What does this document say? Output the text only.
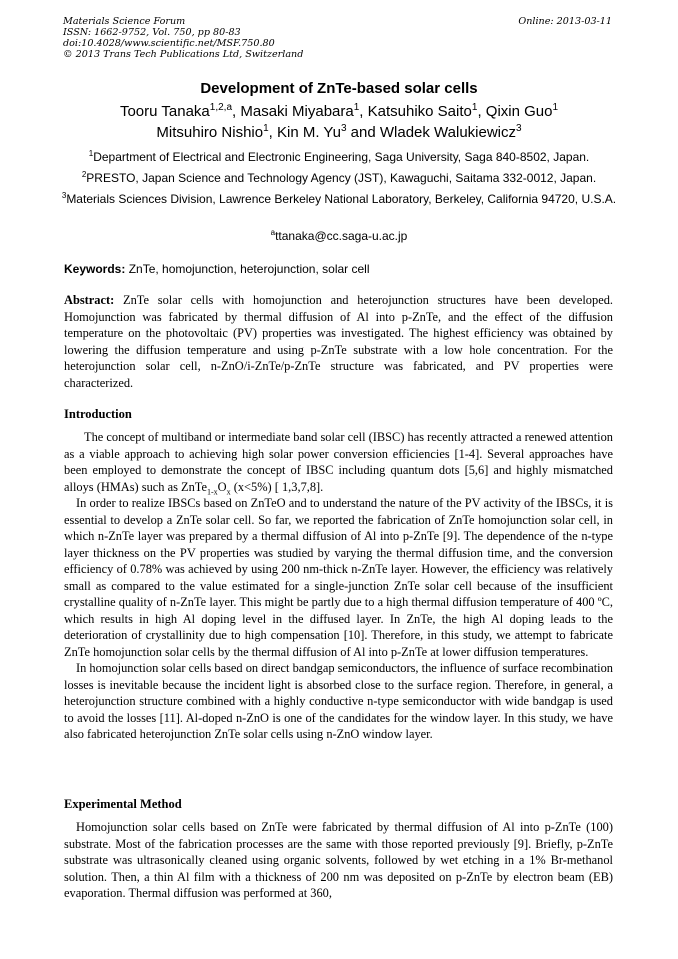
Materials Science Forum
ISSN: 1662-9752, Vol. 750, pp 80-83
doi:10.4028/www.scientific.net/MSF.750.80
© 2013 Trans Tech Publications Ltd, Switzerland
Online: 2013-03-11
Development of ZnTe-based solar cells
Tooru Tanaka$^{1,2,a}$, Masaki Miyabara$^1$, Katsuhiko Saito$^1$, Qixin Guo$^1$
Mitsuhiro Nishio$^1$, Kin M. Yu$^3$ and Wladek Walukiewicz$^3$
$^1$Department of Electrical and Electronic Engineering, Saga University, Saga 840-8502, Japan.
$^2$PRESTO, Japan Science and Technology Agency (JST), Kawaguchi, Saitama 332-0012, Japan.
$^3$Materials Sciences Division, Lawrence Berkeley National Laboratory, Berkeley, California 94720, U.S.A.
$^a$ttanaka@cc.saga-u.ac.jp
Keywords: ZnTe, homojunction, heterojunction, solar cell

Abstract: ZnTe solar cells with homojunction and heterojunction structures have been developed. Homojunction was fabricated by thermal diffusion of Al into p-ZnTe, and the effect of the diffusion temperature on the photovoltaic (PV) properties was investigated. The highest efficiency was obtained by lowering the diffusion temperature and using p-ZnTe substrate with a low hole concentration. For the heterojunction solar cell, n-ZnO/i-ZnTe/p-ZnTe structure was fabricated, and PV properties were characterized.

Introduction

The concept of multiband or intermediate band solar cell (IBSC) has recently attracted a renewed attention as a viable approach to achieving high solar power conversion efficiencies [1-4]. Several approaches have been employed to demonstrate the concept of IBSC including quantum dots [5,6] and highly mismatched alloys (HMAs) such as $ZnTe_{1-x}O_x$ (x<5%) [ 1,3,7,8].

In order to realize IBSCs based on ZnTeO and to understand the nature of the PV activity of the IBSCs, it is essential to develop a ZnTe solar cell. So far, we reported the fabrication of ZnTe homojunction solar cell, in which n-ZnTe layer was prepared by a thermal diffusion of Al into p-ZnTe [9]. The dependence of the n-type layer thickness on the PV properties was studied by varying the thermal diffusion time, and the conversion efficiency of 0.78% was achieved by using 200 nm-thick n-ZnTe layer. However, the efficiency was relatively small as compared to the value estimated for a single-junction ZnTe solar cell because of the insufficient crystalline quality of n-ZnTe layer. This might be partly due to a high thermal diffusion temperature of 400 ºC, which results in high Al doping level in the diffused layer. In ZnTe, the high Al doping leads to the deterioration of crystallinity due to high compensation [10]. Therefore, in this study, we attempt to fabricate ZnTe homojunction solar cells by the thermal diffusion of Al into p-ZnTe at lower diffusion temperatures.

In homojunction solar cells based on direct bandgap semiconductors, the influence of surface recombination losses is inevitable because the incident light is absorbed close to the surface region. Therefore, in general, a heterojunction structure combined with a highly conductive n-type semiconductor with wide bandgap is used to avoid the losses [11]. Al-doped n-ZnO is one of the candidates for the window layer. In this study, we have also fabricated heterojunction ZnTe solar cells using n-ZnO window layer.

Experimental Method

Homojunction solar cells based on ZnTe were fabricated by thermal diffusion of Al into p-ZnTe (100) substrate. Most of the fabrication processes are the same with those reported previously [9]. Briefly, p-ZnTe substrate was ultrasonically cleaned using organic solvents, followed by wet etching in a 1% Br-methanol solution. Then, a thin Al film with a thickness of 200 nm was deposited on p-ZnTe by electron beam (EB) evaporation. Thermal diffusion was performed at 360,
